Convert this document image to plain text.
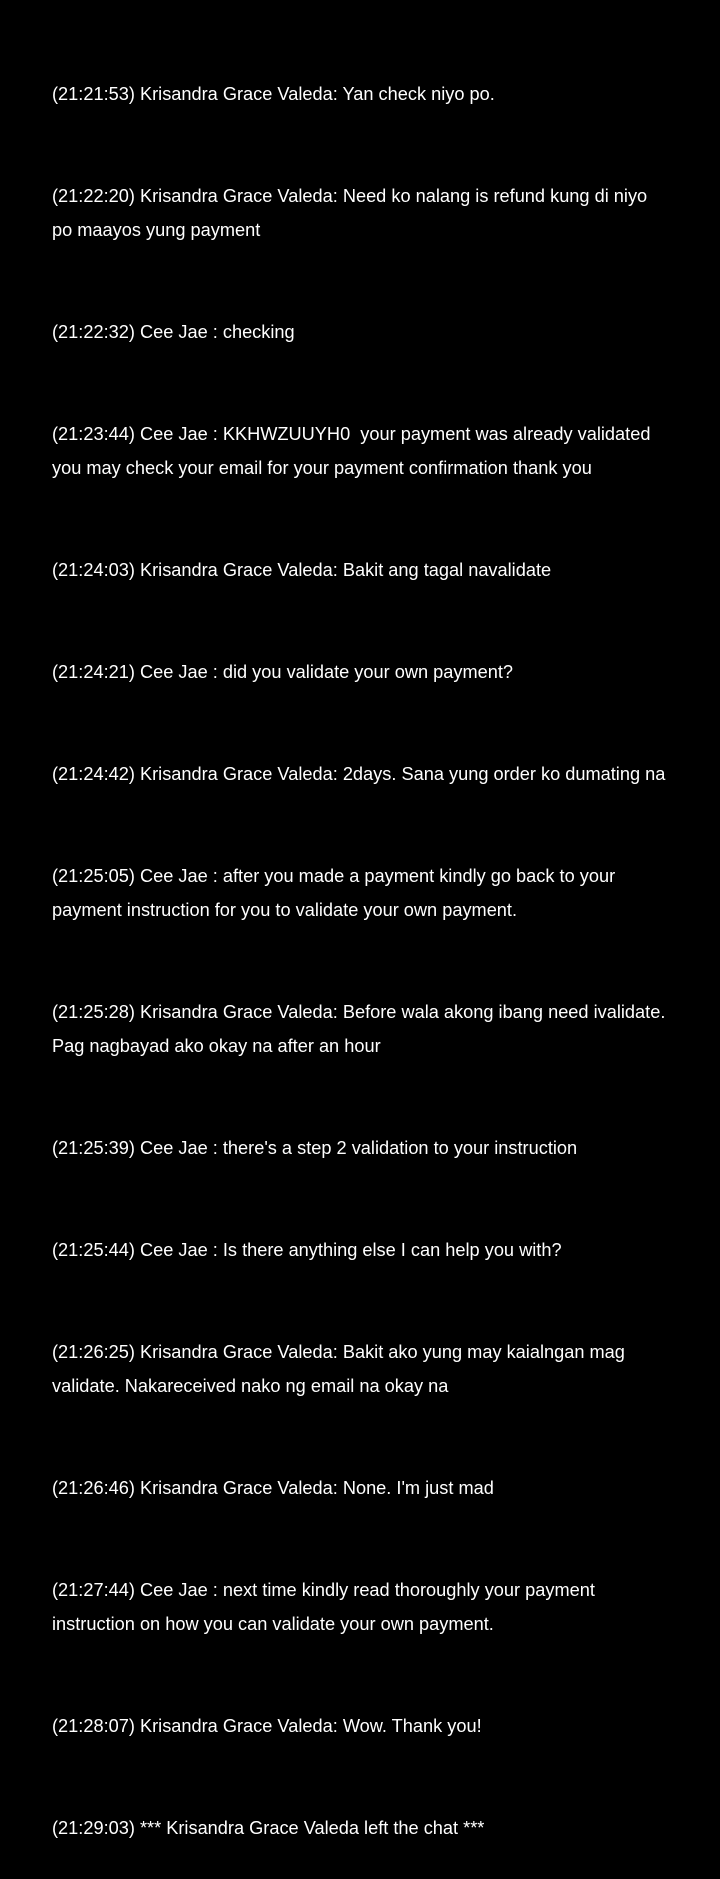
(21:21:53) Krisandra Grace Valeda: Yan check niyo po.

(21:22:20) Krisandra Grace Valeda: Need ko nalang is refund kung di niyo
po maayos yung payment

(21:22:32) Cee Jae : checking

(21:23:44) Cee Jae : KKHWZUUYH0  your payment was already validated
you may check your email for your payment confirmation thank you

(21:24:03) Krisandra Grace Valeda: Bakit ang tagal navalidate

(21:24:21) Cee Jae : did you validate your own payment?

(21:24:42) Krisandra Grace Valeda: 2days. Sana yung order ko dumating na

(21:25:05) Cee Jae : after you made a payment kindly go back to your
payment instruction for you to validate your own payment.

(21:25:28) Krisandra Grace Valeda: Before wala akong ibang need ivalidate.
Pag nagbayad ako okay na after an hour

(21:25:39) Cee Jae : there's a step 2 validation to your instruction

(21:25:44) Cee Jae : Is there anything else I can help you with?

(21:26:25) Krisandra Grace Valeda: Bakit ako yung may kaialngan mag
validate. Nakareceived nako ng email na okay na

(21:26:46) Krisandra Grace Valeda: None. I'm just mad

(21:27:44) Cee Jae : next time kindly read thoroughly your payment
instruction on how you can validate your own payment.

(21:28:07) Krisandra Grace Valeda: Wow. Thank you!

(21:29:03) *** Krisandra Grace Valeda left the chat ***
